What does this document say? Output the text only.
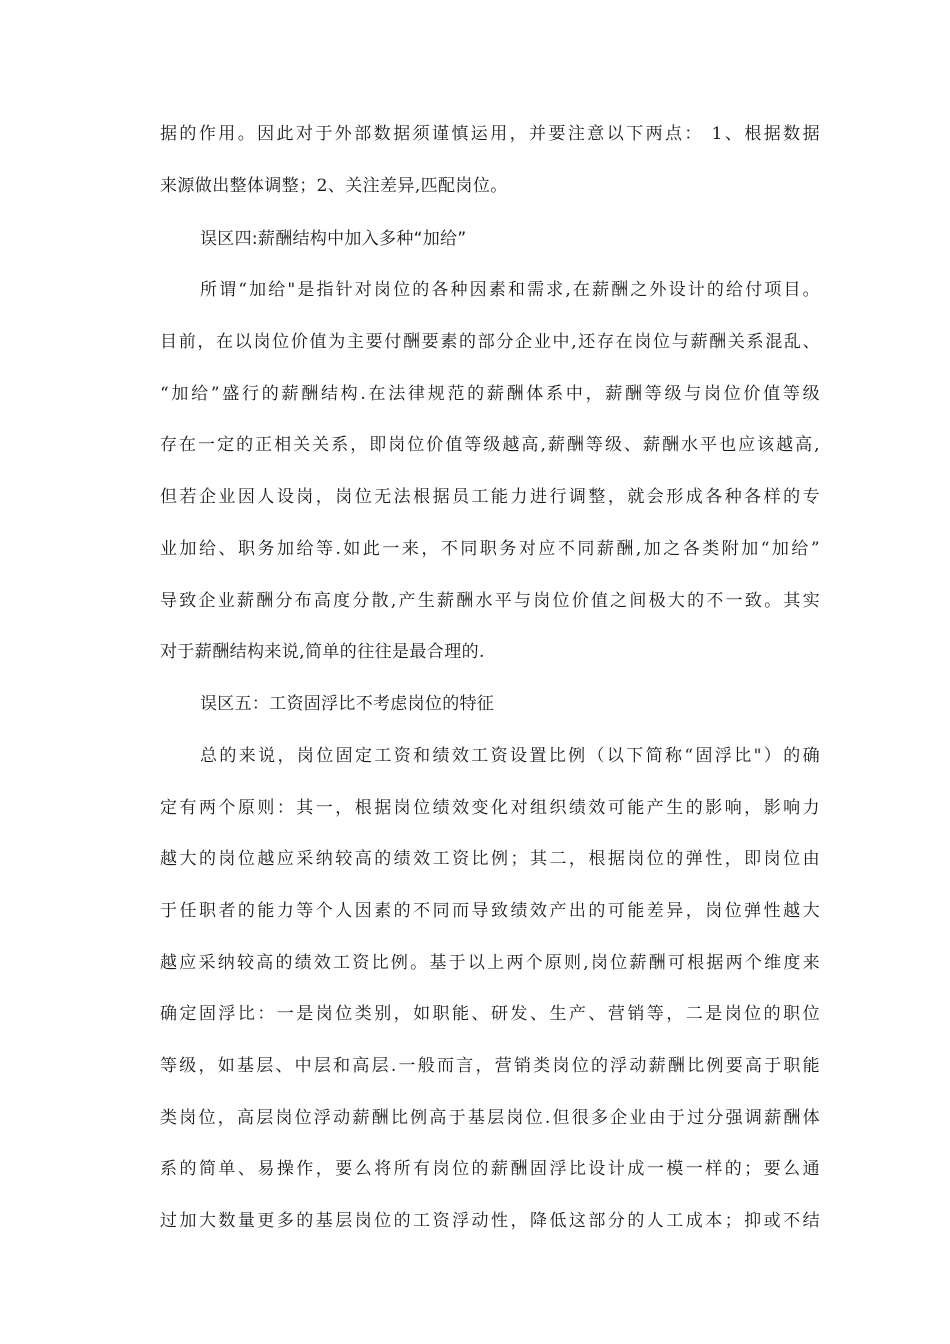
据的作用。因此对于外部数据须谨慎运用，并要注意以下两点： 1、根据数据
来源做出整体调整；2、关注差异,匹配岗位。
误区四:薪酬结构中加入多种“加给”
所谓“加给"是指针对岗位的各种因素和需求,在薪酬之外设计的给付项目。
目前，在以岗位价值为主要付酬要素的部分企业中,还存在岗位与薪酬关系混乱、
“加给”盛行的薪酬结构.在法律规范的薪酬体系中，薪酬等级与岗位价值等级
存在一定的正相关关系，即岗位价值等级越高,薪酬等级、薪酬水平也应该越高,
但若企业因人设岗，岗位无法根据员工能力进行调整，就会形成各种各样的专
业加给、职务加给等.如此一来，不同职务对应不同薪酬,加之各类附加“加给”
导致企业薪酬分布高度分散,产生薪酬水平与岗位价值之间极大的不一致。其实
对于薪酬结构来说,简单的往往是最合理的.
误区五：工资固浮比不考虑岗位的特征
总的来说，岗位固定工资和绩效工资设置比例（以下简称“固浮比"）的确
定有两个原则：其一，根据岗位绩效变化对组织绩效可能产生的影响，影响力
越大的岗位越应采纳较高的绩效工资比例；其二，根据岗位的弹性，即岗位由
于任职者的能力等个人因素的不同而导致绩效产出的可能差异，岗位弹性越大
越应采纳较高的绩效工资比例。基于以上两个原则,岗位薪酬可根据两个维度来
确定固浮比：一是岗位类别，如职能、研发、生产、营销等，二是岗位的职位
等级，如基层、中层和高层.一般而言，营销类岗位的浮动薪酬比例要高于职能
类岗位，高层岗位浮动薪酬比例高于基层岗位.但很多企业由于过分强调薪酬体
系的简单、易操作，要么将所有岗位的薪酬固浮比设计成一模一样的；要么通
过加大数量更多的基层岗位的工资浮动性，降低这部分的人工成本；抑或不结
